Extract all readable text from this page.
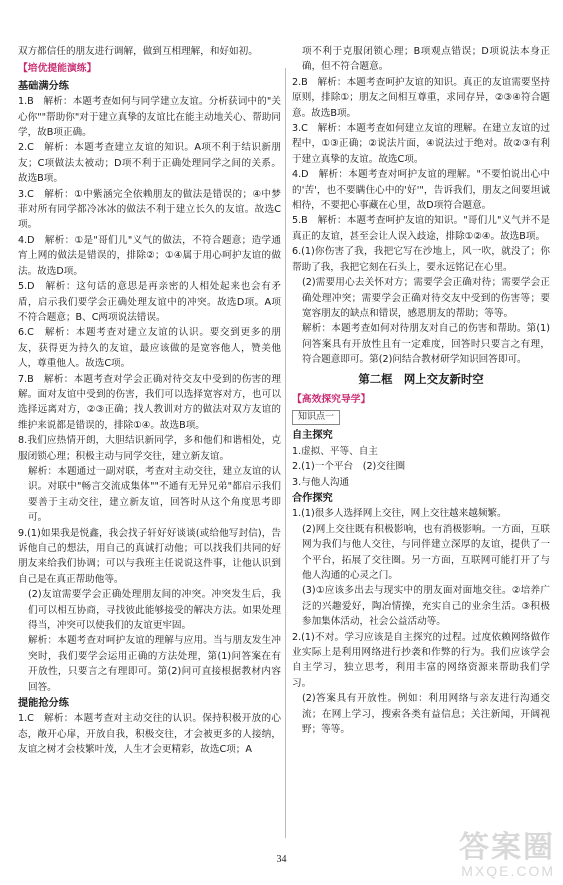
双方都信任的朋友进行调解，做到互相理解，和好如初。

【培优提能演练】
基础满分练

1.B　解析：本题考查如何与同学建立友谊。分析获词中的"关心你""帮助你"对于建立真挚的友谊比在能主动地关心、帮助同学，故B项正确。

2.C　解析：本题考查建立友谊的知识。A项不利于结识新朋友；C项做法太被动；D项不利于正确处理同学之间的关系。故选B项。

3.C　解析：①中紫涵完全依赖朋友的做法是错误的；④中梦菲对所有同学都冷冰冰的做法不利于建立长久的友谊。故选C项。

4.D　解析：①是"哥们儿"义气的做法，不符合题意；造学通宵上网的做法是错误的，排除②；①④属于用心呵护友谊的做法。故选D项。

5.D　解析：这句话的意思是再亲密的人相处起来也会有矛盾，启示我们要学会正确处理友谊中的冲突。故选D项。A项不符合题意；B、C两项说法错误。

6.C　解析：本题考查对建立友谊的认识。要交到更多的朋友，获得更为持久的友谊，最应该做的是宽容他人，赞美他人，尊重他人。故选C项。

7.B　解析：本题考查对学会正确对待交友中受到的伤害的理解。面对友谊中受到的伤害，我们可以选择宽容对方，也可以选择远离对方，②③正确；找人教训对方的做法对双方友谊的维护来说都是错误的，排除①④。故选B项。

8.我们应热情开朗，大胆结识新同学，多和他们和谐相处，克服闭锁心理；积极主动与同学交往，建立新友谊。

解析：本题通过一副对联，考查对主动交往，建立友谊的认识。对联中"畅言交流成集体""不通有无异兄弟"都启示我们要善于主动交往，建立新友谊，回答时从这个角度思考即可。

9.(1)如果我是悦鑫，我会找子轩好好谈谈(或给他写封信)，告诉他自己的想法，用自己的真诚打动他；可以找我们共同的好朋友来给我们协调；可以与我班主任说说这件事，让他认识到自己是在真正帮助他等。

(2)友谊需要学会正确处理朋友间的冲突。冲突发生后，我们可以相互协商，寻找彼此能够接受的解决方法。如果处理得当，冲突可以使我们的友谊更牢固。

解析：本题考查对呵护友谊的理解与应用。当与朋友发生冲突时，我们要学会运用正确的方法处理，第(1)问答案在有开放性，只要言之有理即可。第(2)问可直接根据教材内容回答。

提能抢分练

1.C　解析：本题考查对主动交往的认识。保持积极开放的心态，敞开心扉，开放自我，积极交往，才会被更多的人接纳，友谊之树才会枝繁叶茂，人生才会更精彩，故选C项；A

项不利于克服闭锁心理；B项观点错误；D项说法本身正确，但不符合题意。

2.B　解析：本题考查呵护友谊的知识。真正的友谊需要坚持原则，排除①；朋友之间相互尊重，求同存异，②③④符合题意。故选B项。

3.C　解析：本题考查如何建立友谊的理解。在建立友谊的过程中，①③正确；②说法片面，④说法过于绝对。故②③有利于建立真挚的友谊。故选C项。

4.D　解析：本题考查对呵护友谊的理解。"不要怕说出心中的'苦'，也不要瞒住心中的'好'"，告诉我们，朋友之间要坦诚相待，不要把心事藏在心里，故D项符合题意。

5.B　解析：本题考查呵护友谊的知识。"哥们儿"义气并不是真正的友谊，甚至会让人误入歧途，排除①②④。故选B项。

6.(1)你伤害了我，我把它写在沙地上，风一吹，就没了；你帮助了我，我把它刻在石头上，要永远铭记在心里。

(2)需要用心去关怀对方；需要学会正确对待；需要学会正确处理冲突；需要学会正确对待交友中受到的伤害等；要宽容朋友的缺点和错误，感恩朋友的帮助；等等。

解析：本题考查如何对待朋友对自己的伤害和帮助。第(1)问答案具有开放性且有一定难度，回答时只要言之有理，符合题意即可。第(2)问结合教材研学知识回答即可。

第二框　网上交友新时空
【高效探究导学】
知识点一
自主探究

1.虚拟、平等、自主

2.(1)一个平台　(2)交往圈

3.与他人沟通

合作探究

1.(1)很多人选择网上交往，网上交往越来越频繁。

(2)网上交往既有积极影响，也有消极影响。一方面，互联网为我们与他人交往，与同伴建立深厚的友谊，提供了一个平台，拓展了交往圈。另一方面，互联网可能打开了与他人沟通的心灵之门。

(3)①应该多出去与现实中的朋友面对面地交往。②培养广泛的兴趣爱好，陶冶情操，充实自己的业余生活。③积极参加集体活动，社会公益活动等。

2.(1)不对。学习应该是自主探究的过程。过度依赖网络做作业实际上是利用网络进行抄袭和作弊的行为。我们应该学会自主学习，独立思考，利用丰富的网络资源来帮助我们学习。

(2)答案具有开放性。例如：利用网络与亲友进行沟通交流；在网上学习，搜索各类有益信息；关注新闻，开阔视野；等等。

34	答案圈
MXQE.COM
